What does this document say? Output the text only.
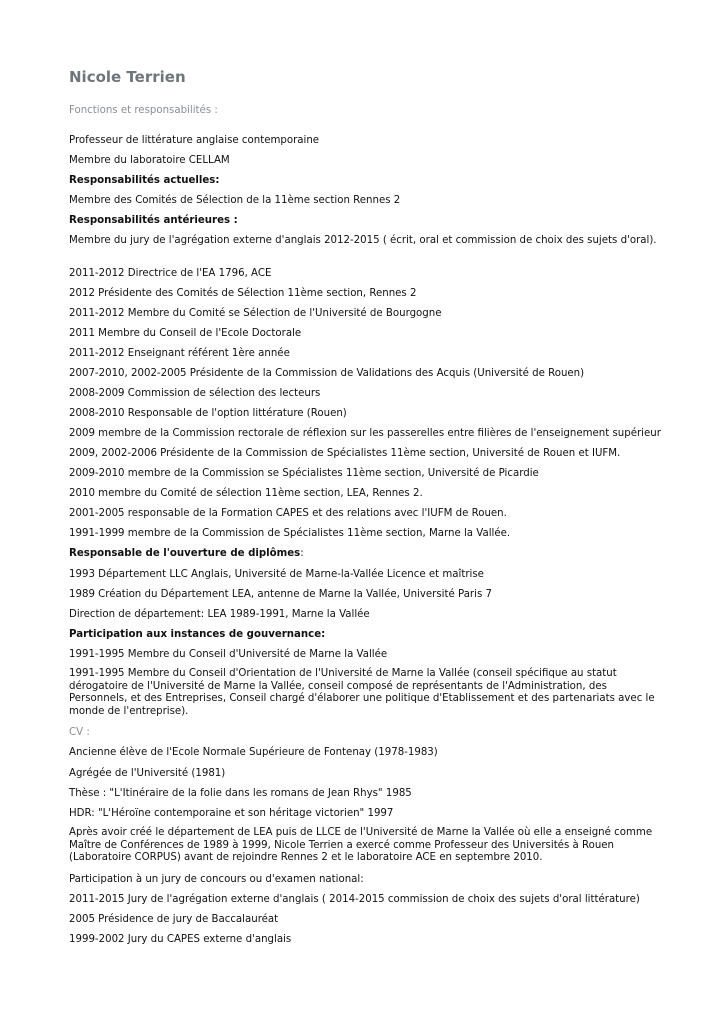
Nicole Terrien
Fonctions et responsabilités :
Professeur de littérature anglaise contemporaine
Membre du laboratoire CELLAM
Responsabilités actuelles:
Membre des Comités de Sélection de la 11ème section Rennes 2
Responsabilités antérieures :
Membre du jury de l'agrégation externe d'anglais 2012-2015 ( écrit, oral et commission de choix des sujets d'oral).
2011-2012 Directrice de l'EA 1796, ACE
2012 Présidente des Comités de Sélection 11ème section, Rennes 2
2011-2012 Membre du Comité se Sélection de l'Université de Bourgogne
2011 Membre du Conseil de l'Ecole Doctorale
2011-2012 Enseignant référent 1ère année
2007-2010, 2002-2005 Présidente de la Commission de Validations des Acquis (Université de Rouen)
2008-2009 Commission de sélection des lecteurs
2008-2010 Responsable de l'option littérature (Rouen)
2009 membre de la Commission rectorale de réflexion sur les passerelles entre filières de l'enseignement supérieur
2009, 2002-2006 Présidente de la Commission de Spécialistes 11ème section, Université de Rouen et IUFM.
2009-2010 membre de la Commission se Spécialistes 11ème section, Université de Picardie
2010 membre du Comité de sélection 11ème section, LEA, Rennes 2.
2001-2005 responsable de la Formation CAPES et des relations avec l'IUFM de Rouen.
1991-1999 membre de la Commission de Spécialistes 11ème section, Marne la Vallée.
Responsable de l'ouverture de diplômes:
1993 Département LLC Anglais, Université de Marne-la-Vallée Licence et maîtrise
1989 Création du Département LEA, antenne de Marne la Vallée, Université Paris 7
Direction de département: LEA 1989-1991, Marne la Vallée
Participation aux instances de gouvernance:
1991-1995 Membre du Conseil d'Université de Marne la Vallée
1991-1995 Membre du Conseil d'Orientation de l'Université de Marne la Vallée (conseil spécifique au statut
dérogatoire de l'Université de Marne la Vallée, conseil composé de représentants de l'Administration, des
Personnels, et des Entreprises, Conseil chargé d'élaborer une politique d'Etablissement et des partenariats avec le
monde de l'entreprise).
CV :
Ancienne élève de l'Ecole Normale Supérieure de Fontenay (1978-1983)
Agrégée de l'Université (1981)
Thèse : "L'Itinéraire de la folie dans les romans de Jean Rhys" 1985
HDR: "L'Héroïne contemporaine et son héritage victorien" 1997
Après avoir créé le département de LEA puis de LLCE de l'Université de Marne la Vallée où elle a enseigné comme
Maître de Conférences de 1989 à 1999, Nicole Terrien a exercé comme Professeur des Universités à Rouen
(Laboratoire CORPUS) avant de rejoindre Rennes 2 et le laboratoire ACE en septembre 2010.
Participation à un jury de concours ou d'examen national:
2011-2015 Jury de l'agrégation externe d'anglais ( 2014-2015 commission de choix des sujets d'oral littérature)
2005 Présidence de jury de Baccalauréat
1999-2002 Jury du CAPES externe d'anglais
